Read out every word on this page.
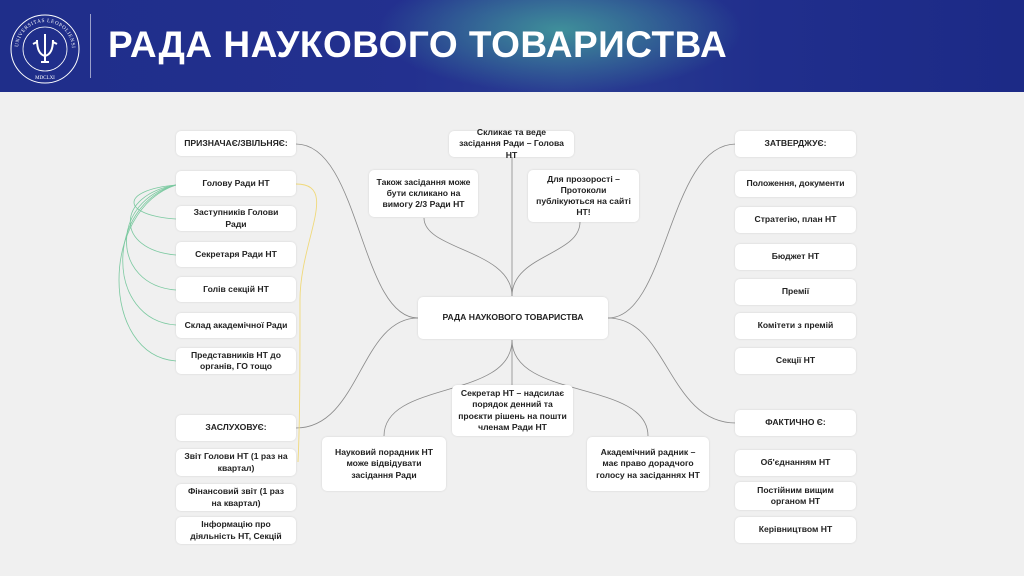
UNIVERSITAS LEOPOLIENSI
MDCLXI
РАДА НАУКОВОГО ТОВАРИСТВА
ПРИЗНАЧАЄ/ЗВІЛЬНЯЄ:
Голову Ради НТ
Заступників Голови Ради
Секретаря Ради НТ
Голів секцій НТ
Склад академічної Ради
Представників НТ до органів, ГО тощо
ЗАСЛУХОВУЄ:
Звіт Голови НТ (1 раз на квартал)
Фінансовий звіт (1 раз на квартал)
Інформацію про діяльність НТ, Секцій
Скликає та веде засідання Ради – Голова НТ
Також засідання може бути скликано на вимогу 2/3 Ради НТ
Для прозорості – Протоколи публікуються на сайті НТ!
РАДА НАУКОВОГО ТОВАРИСТВА
Секретар НТ – надсилає порядок денний та проєкти рішень на пошти членам Ради НТ
Науковий порадник НТ може відвідувати засідання Ради
Академічний радник – має право дорадчого голосу на засіданнях НТ
ЗАТВЕРДЖУЄ:
Положення, документи
Стратегію, план НТ
Бюджет НТ
Премії
Комітети з премій
Секції НТ
ФАКТИЧНО Є:
Об'єднанням НТ
Постійним вищим органом НТ
Керівництвом НТ
